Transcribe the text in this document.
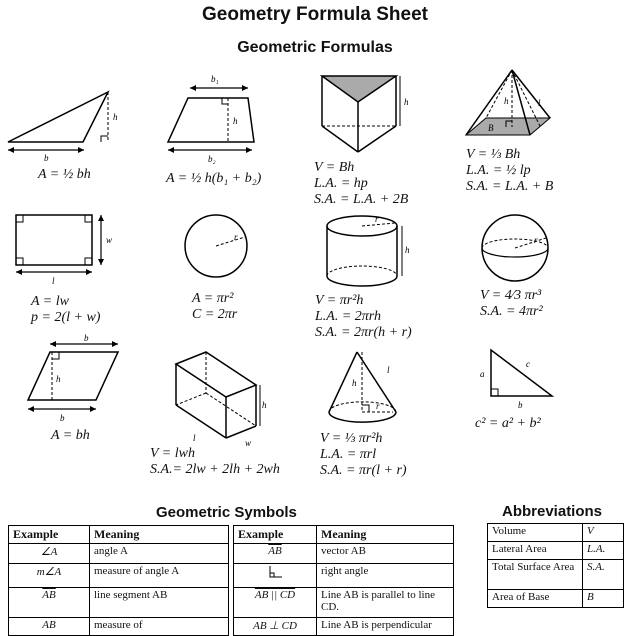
Geometry Formula Sheet
Geometric Formulas
h
b
A = ½ bh
b₁
h
b₂
A = ½ h(b₁ + b₂)
h
V = Bh
L.A. = hp
S.A. = L.A. + 2B
h	l
B
V = ⅓ Bh
L.A. = ½ lp
S.A. = L.A. + B
w
l
A = lw
p = 2(l + w)
r
A = πr²
C = 2πr
r
h
V = πr²h
L.A. = 2πrh
S.A. = 2πr(h + r)
r
V = 4⁄3 πr³
S.A. = 4πr²
b
h
b
A = bh
h
l	w
V = lwh
S.A.= 2lw + 2lh + 2wh
h
l
r
V = ⅓ πr²h
L.A. = πrl
S.A. = πr(l + r)
a
c
b
c² = a² + b²
Geometric Symbols
Example	Meaning
∠A	angle A
m∠A	measure of angle A
$\overline{AB}$	line segment AB
AB	measure of
Example	Meaning
$\overline{AB}$	vector AB
	right angle
AB || CD	Line AB is parallel to line CD.
AB ⊥ CD	Line AB is perpendicular
Abbreviations
Volume	V
Lateral Area	L.A.
Total Surface Area	S.A.
Area of Base	B
